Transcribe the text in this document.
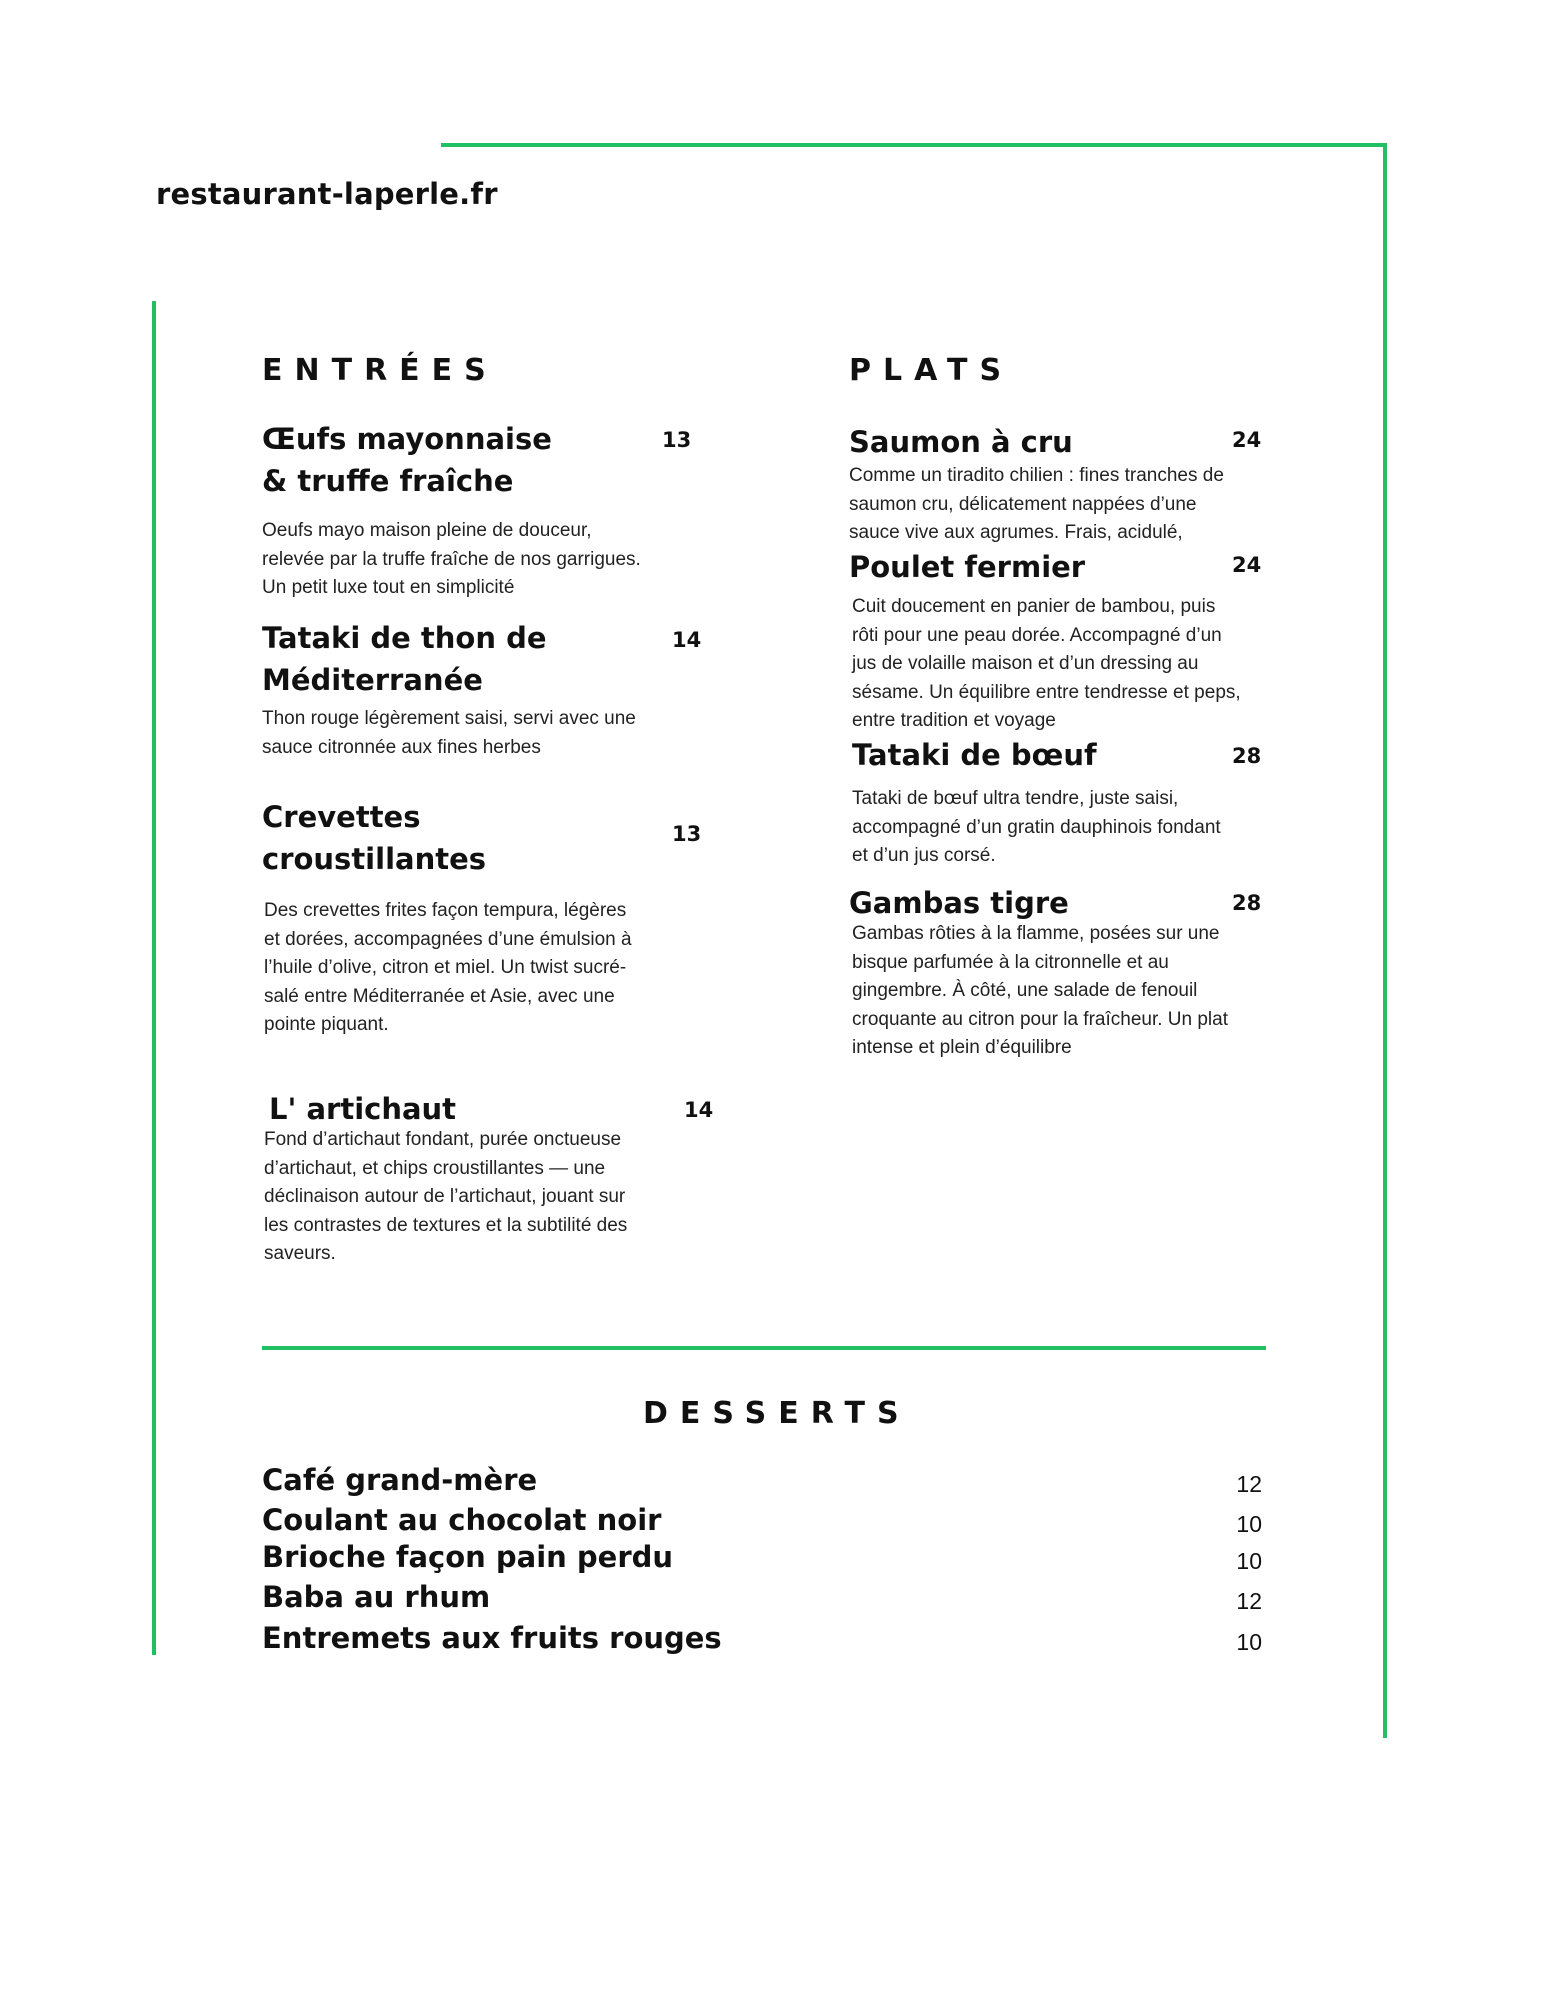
restaurant-laperle.fr
ENTRÉES
Œufs mayonnaise
& truffe fraîche
13

Oeufs mayo maison pleine de douceur,
relevée par la truffe fraîche de nos garrigues.
Un petit luxe tout en simplicité

Tataki de thon de
Méditerranée
14

Thon rouge légèrement saisi, servi avec une
sauce citronnée aux fines herbes

Crevettes
croustillantes
13

Des crevettes frites façon tempura, légères
et dorées, accompagnées d’une émulsion à
l’huile d’olive, citron et miel. Un twist sucré-
salé entre Méditerranée et Asie, avec une
pointe piquant.

L' artichaut	14

Fond d’artichaut fondant, purée onctueuse
d’artichaut, et chips croustillantes — une
déclinaison autour de l’artichaut, jouant sur
les contrastes de textures et la subtilité des
saveurs.

PLATS
Saumon à cru	24

Comme un tiradito chilien : fines tranches de
saumon cru, délicatement nappées d’une
sauce vive aux agrumes. Frais, acidulé,

Poulet fermier	24

Cuit doucement en panier de bambou, puis
rôti pour une peau dorée. Accompagné d’un
jus de volaille maison et d’un dressing au
sésame. Un équilibre entre tendresse et peps,
entre tradition et voyage

Tataki de bœuf	28

Tataki de bœuf ultra tendre, juste saisi,
accompagné d’un gratin dauphinois fondant
et d’un jus corsé.

Gambas tigre	28

Gambas rôties à la flamme, posées sur une
bisque parfumée à la citronnelle et au
gingembre. À côté, une salade de fenouil
croquante au citron pour la fraîcheur. Un plat
intense et plein d’équilibre

DESSERTS
Café grand-mère	12
Coulant au chocolat noir	10
Brioche façon pain perdu	10
Baba au rhum	12
Entremets aux fruits rouges	10
